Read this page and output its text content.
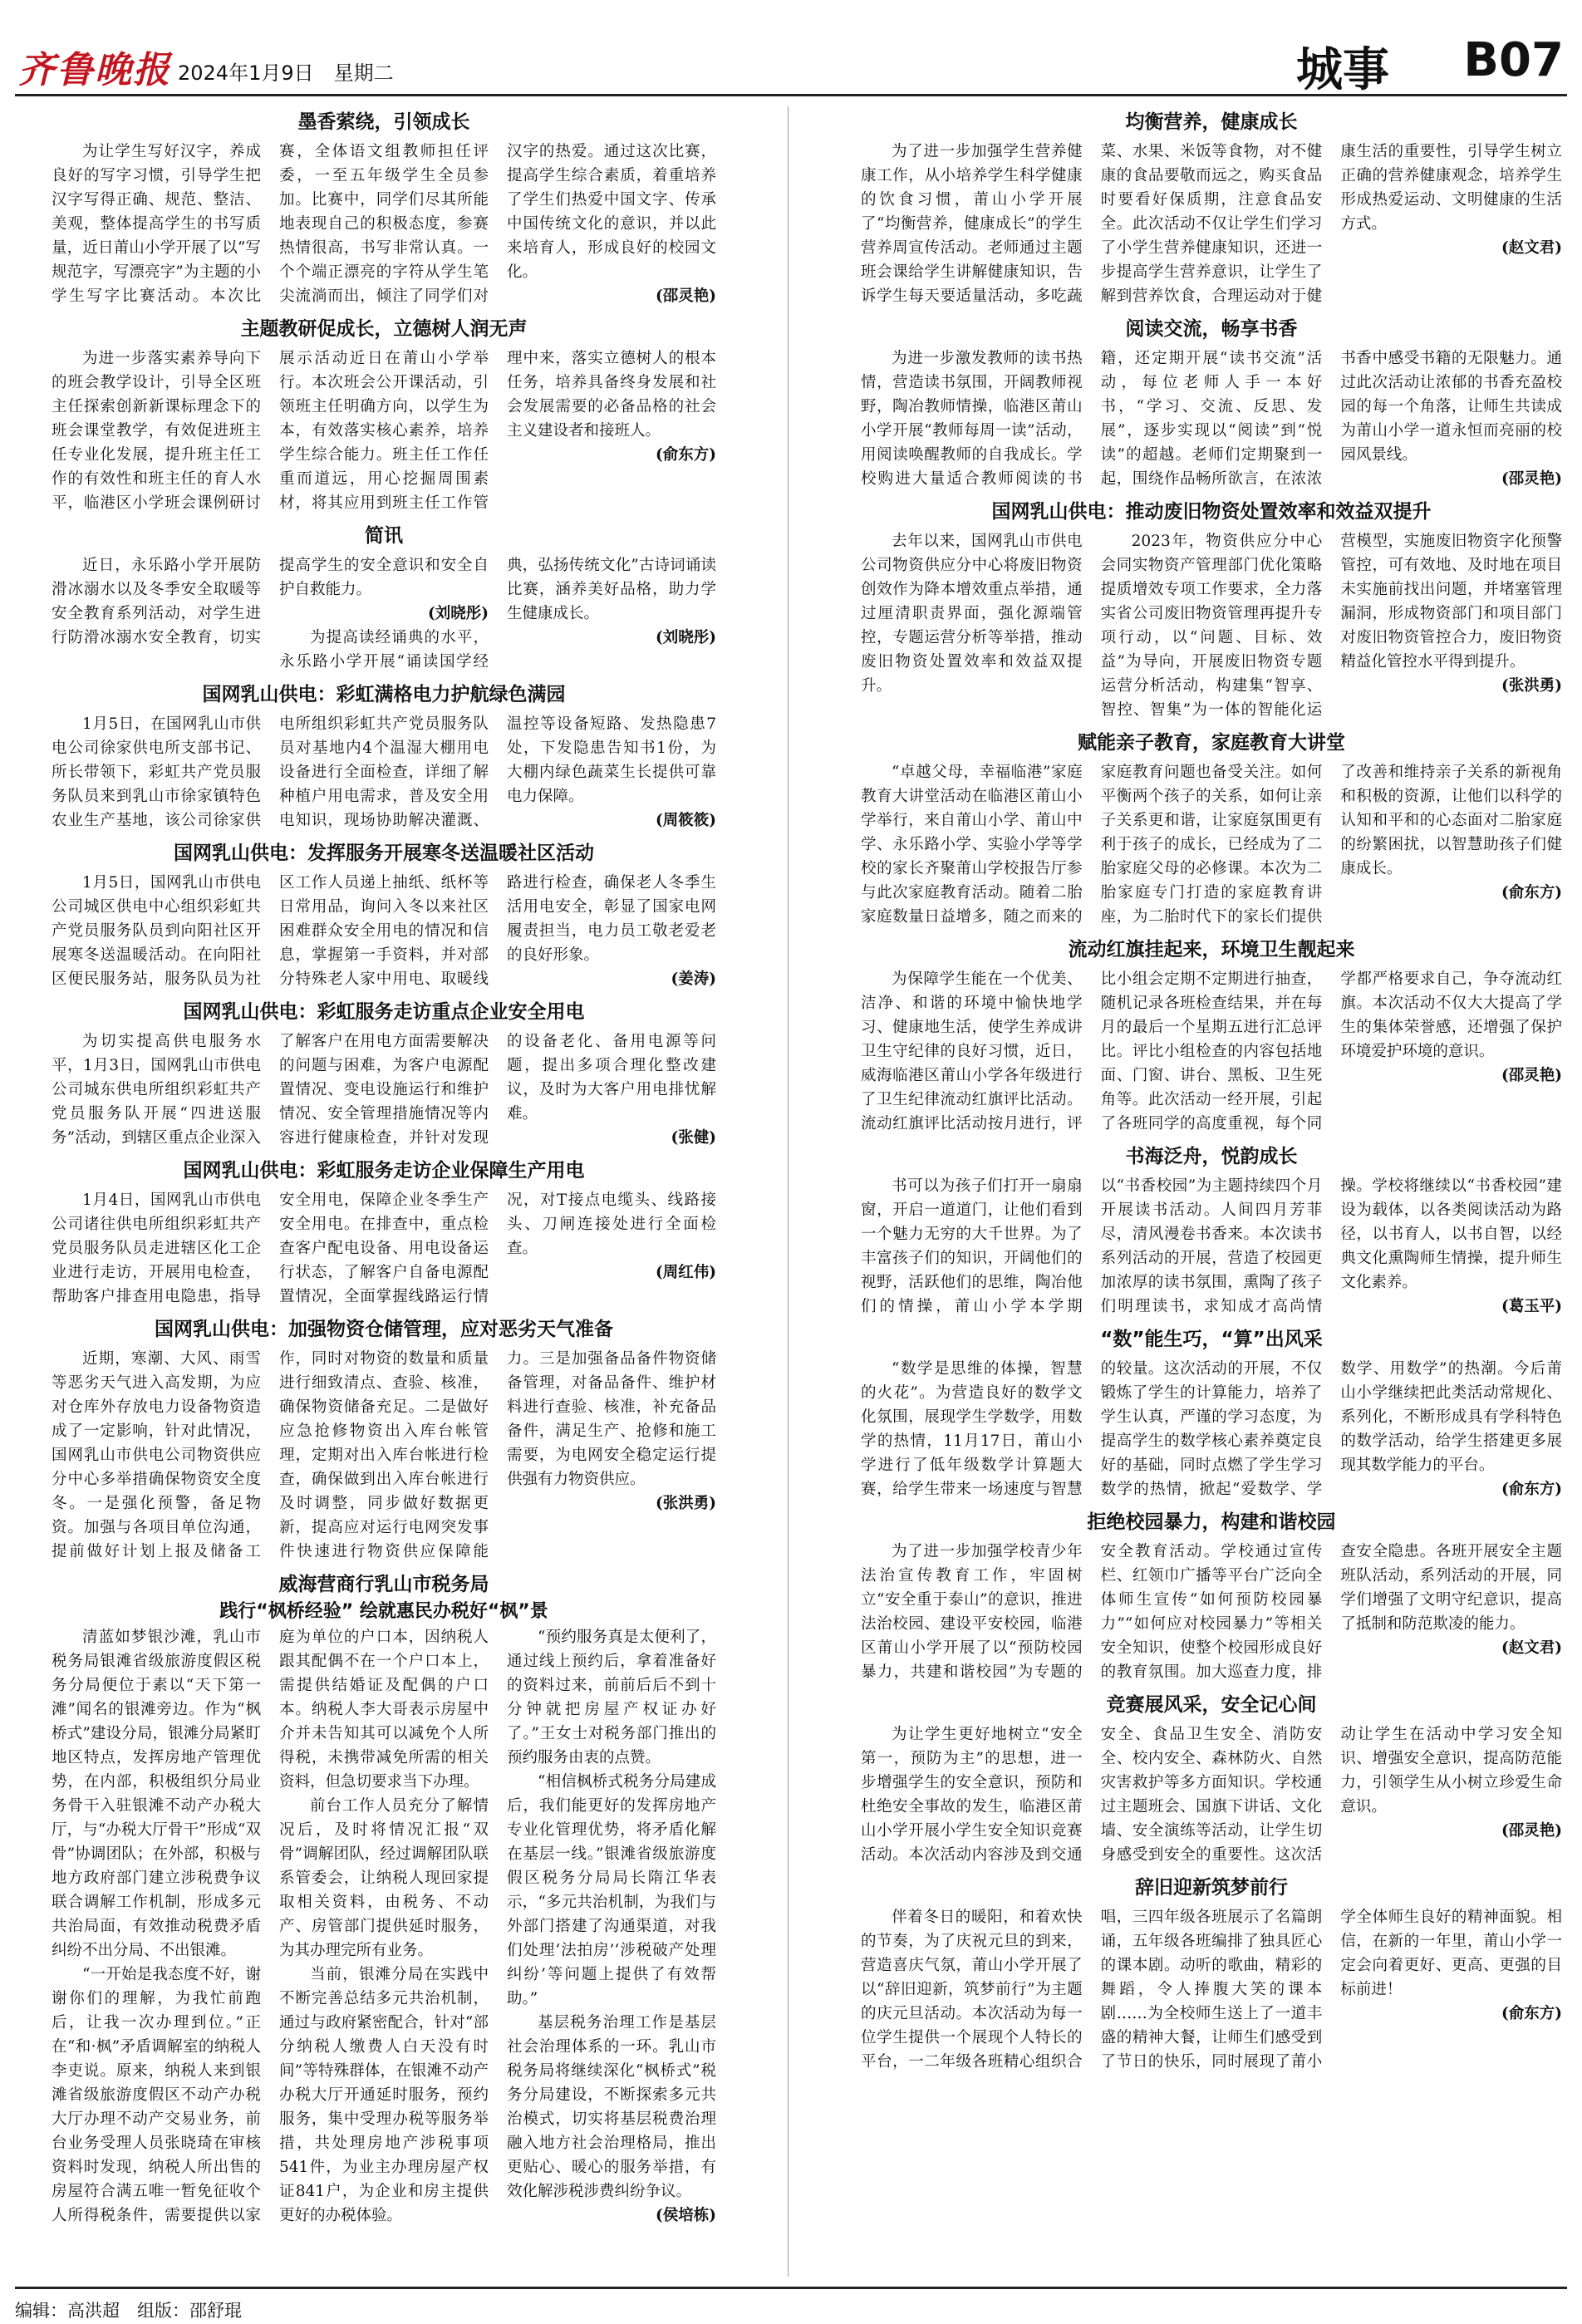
齐鲁晚报 2024年1月9日　星期二	城事 B07
墨香萦绕，引领成长

为让学生写好汉字，养成良好的写字习惯，引导学生把汉字写得正确、规范、整洁、美观，整体提高学生的书写质量，近日莆山小学开展了以“写规范字，写漂亮字”为主题的小学生写字比赛活动。本次比赛，全体语文组教师担任评委，一至五年级学生全员参加。比赛中，同学们尽其所能地表现自己的积极态度，参赛热情很高，书写非常认真。一个个端正漂亮的字符从学生笔尖流淌而出，倾注了同学们对汉字的热爱。通过这次比赛，提高学生综合素质，着重培养了学生们热爱中国文字、传承中国传统文化的意识，并以此来培育人，形成良好的校园文化。

(邵灵艳)

主题教研促成长，立德树人润无声

为进一步落实素养导向下的班会教学设计，引导全区班主任探索创新新课标理念下的班会课堂教学，有效促进班主任专业化发展，提升班主任工作的有效性和班主任的育人水平，临港区小学班会课例研讨展示活动近日在莆山小学举行。本次班会公开课活动，引领班主任明确方向，以学生为本，有效落实核心素养，培养学生综合能力。班主任工作任重而道远，用心挖掘周围素材，将其应用到班主任工作管理中来，落实立德树人的根本任务，培养具备终身发展和社会发展需要的必备品格的社会主义建设者和接班人。

(俞东方)

简讯

近日，永乐路小学开展防滑冰溺水以及冬季安全取暖等安全教育系列活动，对学生进行防滑冰溺水安全教育，切实提高学生的安全意识和安全自护自救能力。

(刘晓彤)

为提高读经诵典的水平，永乐路小学开展“诵读国学经典，弘扬传统文化”古诗词诵读比赛，涵养美好品格，助力学生健康成长。

(刘晓彤)

国网乳山供电：彩虹满格电力护航绿色满园

1月5日，在国网乳山市供电公司徐家供电所支部书记、所长带领下，彩虹共产党员服务队员来到乳山市徐家镇特色农业生产基地，该公司徐家供电所组织彩虹共产党员服务队员对基地内4个温湿大棚用电设备进行全面检查，详细了解种植户用电需求，普及安全用电知识，现场协助解决灌溉、温控等设备短路、发热隐患7处，下发隐患告知书1份，为大棚内绿色蔬菜生长提供可靠电力保障。

(周筱筱)

国网乳山供电：发挥服务开展寒冬送温暖社区活动

1月5日，国网乳山市供电公司城区供电中心组织彩虹共产党员服务队员到向阳社区开展寒冬送温暖活动。在向阳社区便民服务站，服务队员为社区工作人员递上抽纸、纸杯等日常用品，询问入冬以来社区困难群众安全用电的情况和信息，掌握第一手资料，并对部分特殊老人家中用电、取暖线路进行检查，确保老人冬季生活用电安全，彰显了国家电网履责担当，电力员工敬老爱老的良好形象。

(姜涛)

国网乳山供电：彩虹服务走访重点企业安全用电

为切实提高供电服务水平，1月3日，国网乳山市供电公司城东供电所组织彩虹共产党员服务队开展“四进送服务”活动，到辖区重点企业深入了解客户在用电方面需要解决的问题与困难，为客户电源配置情况、变电设施运行和维护情况、安全管理措施情况等内容进行健康检查，并针对发现的设备老化、备用电源等问题，提出多项合理化整改建议，及时为大客户用电排忧解难。

(张健)

国网乳山供电：彩虹服务走访企业保障生产用电

1月4日，国网乳山市供电公司诸往供电所组织彩虹共产党员服务队员走进辖区化工企业进行走访，开展用电检查，帮助客户排查用电隐患，指导安全用电，保障企业冬季生产安全用电。在排查中，重点检查客户配电设备、用电设备运行状态，了解客户自备电源配置情况，全面掌握线路运行情况，对T接点电缆头、线路接头、刀闸连接处进行全面检查。

(周红伟)

国网乳山供电：加强物资仓储管理，应对恶劣天气准备

近期，寒潮、大风、雨雪等恶劣天气进入高发期，为应对仓库外存放电力设备物资造成了一定影响，针对此情况，国网乳山市供电公司物资供应分中心多举措确保物资安全度冬。一是强化预警，备足物资。加强与各项目单位沟通，提前做好计划上报及储备工作，同时对物资的数量和质量进行细致清点、查验、核准，确保物资储备充足。二是做好应急抢修物资出入库台帐管理，定期对出入库台帐进行检查，确保做到出入库台帐进行及时调整，同步做好数据更新，提高应对运行电网突发事件快速进行物资供应保障能力。三是加强备品备件物资储备管理，对备品备件、维护材料进行查验、核准，补充备品备件，满足生产、抢修和施工需要，为电网安全稳定运行提供强有力物资供应。

(张洪勇)

威海营商行乳山市税务局
践行“枫桥经验” 绘就惠民办税好“枫”景

清蓝如梦银沙滩，乳山市税务局银滩省级旅游度假区税务分局便位于素以“天下第一滩”闻名的银滩旁边。作为“枫桥式”建设分局，银滩分局紧盯地区特点，发挥房地产管理优势，在内部，积极组织分局业务骨干入驻银滩不动产办税大厅，与“办税大厅骨干”形成“双骨”协调团队；在外部，积极与地方政府部门建立涉税费争议联合调解工作机制，形成多元共治局面，有效推动税费矛盾纠纷不出分局、不出银滩。

“一开始是我态度不好，谢谢你们的理解，为我忙前跑后，让我一次办理到位。”正在“和·枫”矛盾调解室的纳税人李吏说。原来，纳税人来到银滩省级旅游度假区不动产办税大厅办理不动产交易业务，前台业务受理人员张晓琦在审核资料时发现，纳税人所出售的房屋符合满五唯一暂免征收个人所得税条件，需要提供以家庭为单位的户口本，因纳税人跟其配偶不在一个户口本上，需提供结婚证及配偶的户口本。纳税人李大哥表示房屋中介并未告知其可以减免个人所得税，未携带减免所需的相关资料，但急切要求当下办理。

前台工作人员充分了解情况后，及时将情况汇报“双骨”调解团队，经过调解团队联系管委会，让纳税人现回家提取相关资料，由税务、不动产、房管部门提供延时服务，为其办理完所有业务。

当前，银滩分局在实践中不断完善总结多元共治机制，通过与政府紧密配合，针对“部分纳税人缴费人白天没有时间”等特殊群体，在银滩不动产办税大厅开通延时服务，预约服务，集中受理办税等服务举措，共处理房地产涉税事项541件，为业主办理房屋产权证841户，为企业和房主提供更好的办税体验。

“预约服务真是太便利了，通过线上预约后，拿着准备好的资料过来，前前后后不到十分钟就把房屋产权证办好了。”王女士对税务部门推出的预约服务由衷的点赞。

“相信枫桥式税务分局建成后，我们能更好的发挥房地产专业化管理优势，将矛盾化解在基层一线。”银滩省级旅游度假区税务分局局长隋江华表示，“多元共治机制，为我们与外部门搭建了沟通渠道，对我们处理‘法拍房’‘涉税破产处理纠纷’等问题上提供了有效帮助。”

基层税务治理工作是基层社会治理体系的一环。乳山市税务局将继续深化“枫桥式”税务分局建设，不断探索多元共治模式，切实将基层税费治理融入地方社会治理格局，推出更贴心、暖心的服务举措，有效化解涉税涉费纠纷争议。

(侯培栋)

均衡营养，健康成长

为了进一步加强学生营养健康工作，从小培养学生科学健康的饮食习惯，莆山小学开展了“均衡营养，健康成长”的学生营养周宣传活动。老师通过主题班会课给学生讲解健康知识，告诉学生每天要适量活动，多吃蔬菜、水果、米饭等食物，对不健康的食品要敬而远之，购买食品时要看好保质期，注意食品安全。此次活动不仅让学生们学习了小学生营养健康知识，还进一步提高学生营养意识，让学生了解到营养饮食，合理运动对于健康生活的重要性，引导学生树立正确的营养健康观念，培养学生形成热爱运动、文明健康的生活方式。

(赵文君)

阅读交流，畅享书香

为进一步激发教师的读书热情，营造读书氛围，开阔教师视野，陶冶教师情操，临港区莆山小学开展“教师每周一读”活动，用阅读唤醒教师的自我成长。学校购进大量适合教师阅读的书籍，还定期开展“读书交流”活动，每位老师人手一本好书，“学习、交流、反思、发展”，逐步实现以“阅读”到“悦读”的超越。老师们定期聚到一起，围绕作品畅所欲言，在浓浓书香中感受书籍的无限魅力。通过此次活动让浓郁的书香充盈校园的每一个角落，让师生共读成为莆山小学一道永恒而亮丽的校园风景线。

(邵灵艳)

国网乳山供电：推动废旧物资处置效率和效益双提升

去年以来，国网乳山市供电公司物资供应分中心将废旧物资创效作为降本增效重点举措，通过厘清职责界面，强化源端管控，专题运营分析等举措，推动废旧物资处置效率和效益双提升。

2023年，物资供应分中心会同实物资产管理部门优化策略提质增效专项工作要求，全力落实省公司废旧物资管理再提升专项行动，以“问题、目标、效益”为导向，开展废旧物资专题运营分析活动，构建集“智享、智控、智集”为一体的智能化运营模型，实施废旧物资字化预警管控，可有效地、及时地在项目未实施前找出问题，并堵塞管理漏洞，形成物资部门和项目部门对废旧物资管控合力，废旧物资精益化管控水平得到提升。

(张洪勇)

赋能亲子教育，家庭教育大讲堂

“卓越父母，幸福临港”家庭教育大讲堂活动在临港区莆山小学举行，来自莆山小学、莆山中学、永乐路小学、实验小学等学校的家长齐聚莆山学校报告厅参与此次家庭教育活动。随着二胎家庭数量日益增多，随之而来的家庭教育问题也备受关注。如何平衡两个孩子的关系，如何让亲子关系更和谐，让家庭氛围更有利于孩子的成长，已经成为了二胎家庭父母的必修课。本次为二胎家庭专门打造的家庭教育讲座，为二胎时代下的家长们提供了改善和维持亲子关系的新视角和积极的资源，让他们以科学的认知和平和的心态面对二胎家庭的纷繁困扰，以智慧助孩子们健康成长。

(俞东方)

流动红旗挂起来，环境卫生靓起来

为保障学生能在一个优美、洁净、和谐的环境中愉快地学习、健康地生活，使学生养成讲卫生守纪律的良好习惯，近日，威海临港区莆山小学各年级进行了卫生纪律流动红旗评比活动。流动红旗评比活动按月进行，评比小组会定期不定期进行抽查，随机记录各班检查结果，并在每月的最后一个星期五进行汇总评比。评比小组检查的内容包括地面、门窗、讲台、黑板、卫生死角等。此次活动一经开展，引起了各班同学的高度重视，每个同学都严格要求自己，争夺流动红旗。本次活动不仅大大提高了学生的集体荣誉感，还增强了保护环境爱护环境的意识。

(邵灵艳)

书海泛舟，悦韵成长

书可以为孩子们打开一扇扇窗，开启一道道门，让他们看到一个魅力无穷的大千世界。为了丰富孩子们的知识，开阔他们的视野，活跃他们的思维，陶冶他们的情操，莆山小学本学期以“书香校园”为主题持续四个月开展读书活动。人间四月芳菲尽，清风漫卷书香来。本次读书系列活动的开展，营造了校园更加浓厚的读书氛围，熏陶了孩子们明理读书，求知成才高尚情操。学校将继续以“书香校园”建设为载体，以各类阅读活动为路径，以书育人，以书自智，以经典文化熏陶师生情操，提升师生文化素养。

(葛玉平)

“数”能生巧，“算”出风采

“数学是思维的体操，智慧的火花”。为营造良好的数学文化氛围，展现学生学数学，用数学的热情，11月17日，莆山小学进行了低年级数学计算题大赛，给学生带来一场速度与智慧的较量。这次活动的开展，不仅锻炼了学生的计算能力，培养了学生认真，严谨的学习态度，为提高学生的数学核心素养奠定良好的基础，同时点燃了学生学习数学的热情，掀起“爱数学、学数学、用数学”的热潮。今后莆山小学继续把此类活动常规化、系列化，不断形成具有学科特色的数学活动，给学生搭建更多展现其数学能力的平台。

(俞东方)

拒绝校园暴力，构建和谐校园

为了进一步加强学校青少年法治宣传教育工作，牢固树立“安全重于泰山”的意识，推进法治校园、建设平安校园，临港区莆山小学开展了以“预防校园暴力，共建和谐校园”为专题的安全教育活动。学校通过宣传栏、红领巾广播等平台广泛向全体师生宣传“如何预防校园暴力”“如何应对校园暴力”等相关安全知识，使整个校园形成良好的教育氛围。加大巡查力度，排查安全隐患。各班开展安全主题班队活动，系列活动的开展，同学们增强了文明守纪意识，提高了抵制和防范欺凌的能力。

(赵文君)

竞赛展风采，安全记心间

为让学生更好地树立“安全第一，预防为主”的思想，进一步增强学生的安全意识，预防和杜绝安全事故的发生，临港区莆山小学开展小学生安全知识竞赛活动。本次活动内容涉及到交通安全、食品卫生安全、消防安全、校内安全、森林防火、自然灾害救护等多方面知识。学校通过主题班会、国旗下讲话、文化墙、安全演练等活动，让学生切身感受到安全的重要性。这次活动让学生在活动中学习安全知识、增强安全意识，提高防范能力，引领学生从小树立珍爱生命意识。

(邵灵艳)

辞旧迎新筑梦前行

伴着冬日的暖阳，和着欢快的节奏，为了庆祝元旦的到来，营造喜庆气氛，莆山小学开展了以“辞旧迎新，筑梦前行”为主题的庆元旦活动。本次活动为每一位学生提供一个展现个人特长的平台，一二年级各班精心组织合唱，三四年级各班展示了名篇朗诵，五年级各班编排了独具匠心的课本剧。动听的歌曲，精彩的舞蹈，令人捧腹大笑的课本剧……为全校师生送上了一道丰盛的精神大餐，让师生们感受到了节日的快乐，同时展现了莆小学全体师生良好的精神面貌。相信，在新的一年里，莆山小学一定会向着更好、更高、更强的目标前进！

(俞东方)

编辑：高洪超　组版：邵舒琨
